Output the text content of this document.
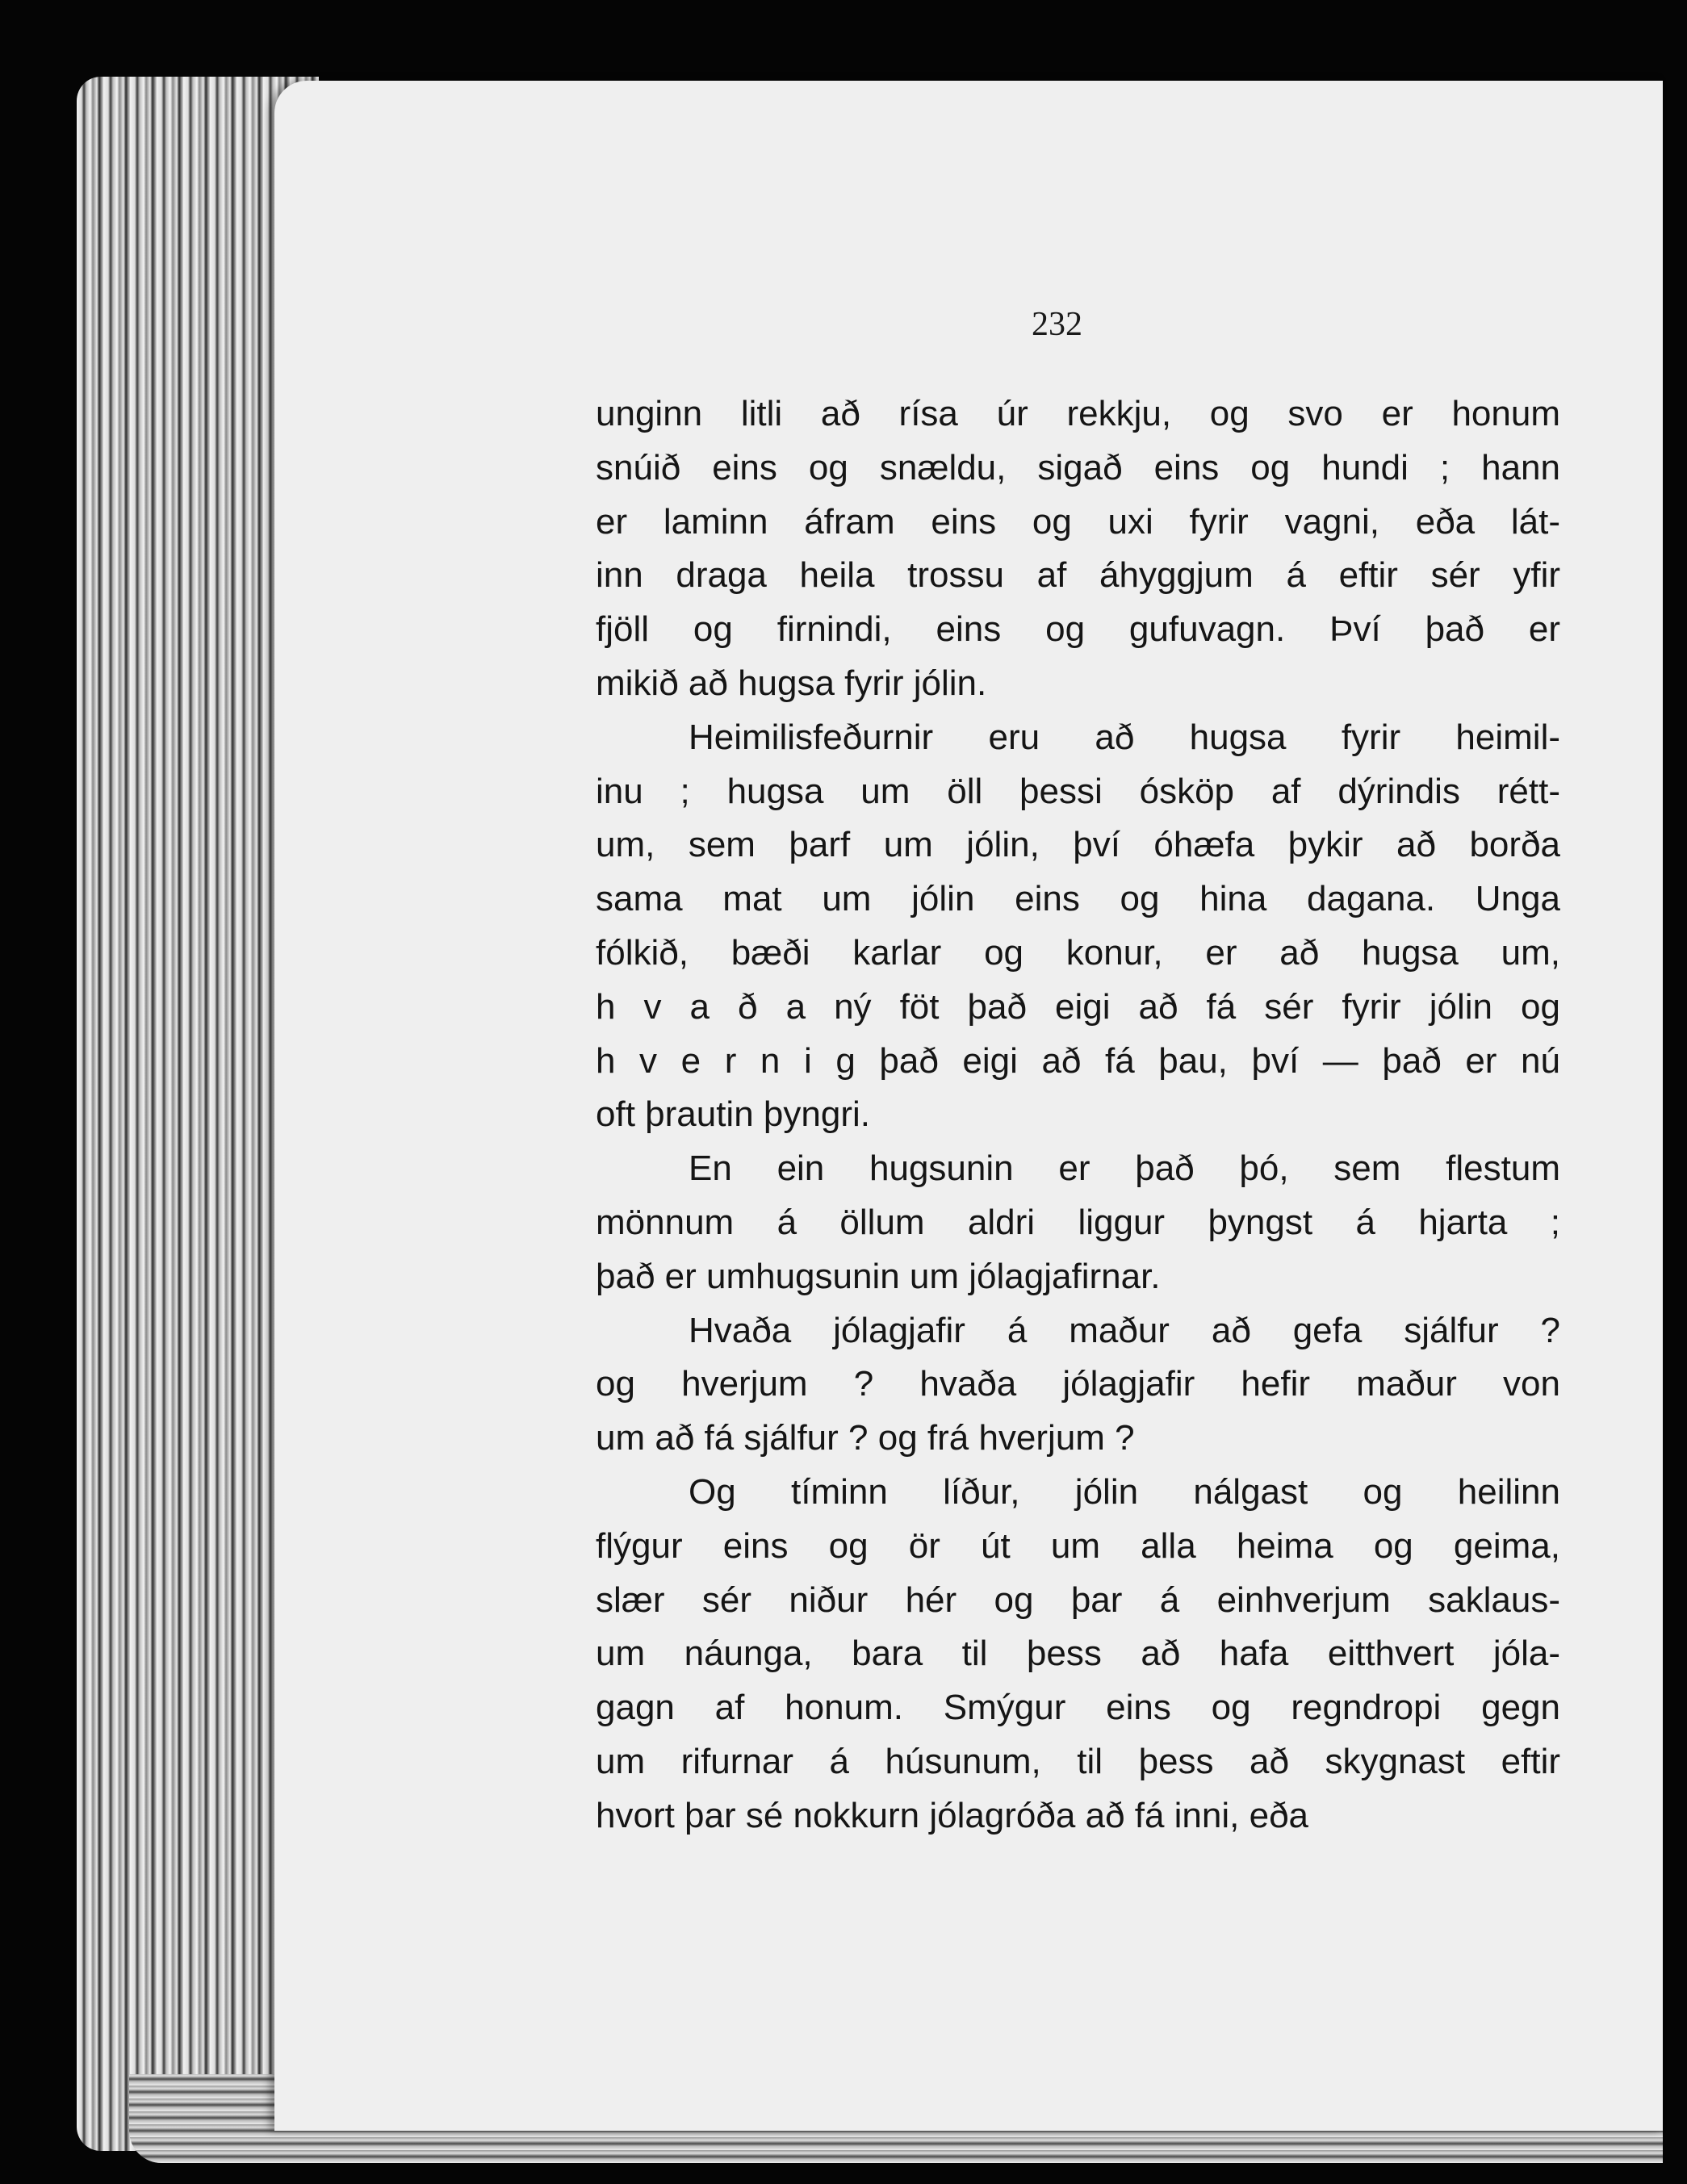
232
unginn litli að rísa úr rekkju, og svo er honum
snúið eins og snældu, sigað eins og hundi ; hann
er laminn áfram eins og uxi fyrir vagni, eða lát-
inn draga heila trossu af áhyggjum á eftir sér yfir
fjöll og firnindi, eins og gufuvagn. Því það er
mikið að hugsa fyrir jólin.
Heimilisfeðurnir eru að hugsa fyrir heimil-
inu ; hugsa um öll þessi ósköp af dýrindis rétt-
um, sem þarf um jólin, því óhæfa þykir að borða
sama mat um jólin eins og hina dagana. Unga
fólkið, bæði karlar og konur, er að hugsa um,
h v a ð a ný föt það eigi að fá sér fyrir jólin og
h v e r n i g það eigi að fá þau, því — það er nú
oft þrautin þyngri.
En ein hugsunin er það þó, sem flestum
mönnum á öllum aldri liggur þyngst á hjarta ;
það er umhugsunin um jólagjafirnar.
Hvaða jólagjafir á maður að gefa sjálfur ?
og hverjum ? hvaða jólagjafir hefir maður von
um að fá sjálfur ? og frá hverjum ?
Og tíminn líður, jólin nálgast og heilinn
flýgur eins og ör út um alla heima og geima,
slær sér niður hér og þar á einhverjum saklaus-
um náunga, bara til þess að hafa eitthvert jóla-
gagn af honum. Smýgur eins og regndropi gegn
um rifurnar á húsunum, til þess að skygnast eftir
hvort þar sé nokkurn jólagróða að fá inni, eða
